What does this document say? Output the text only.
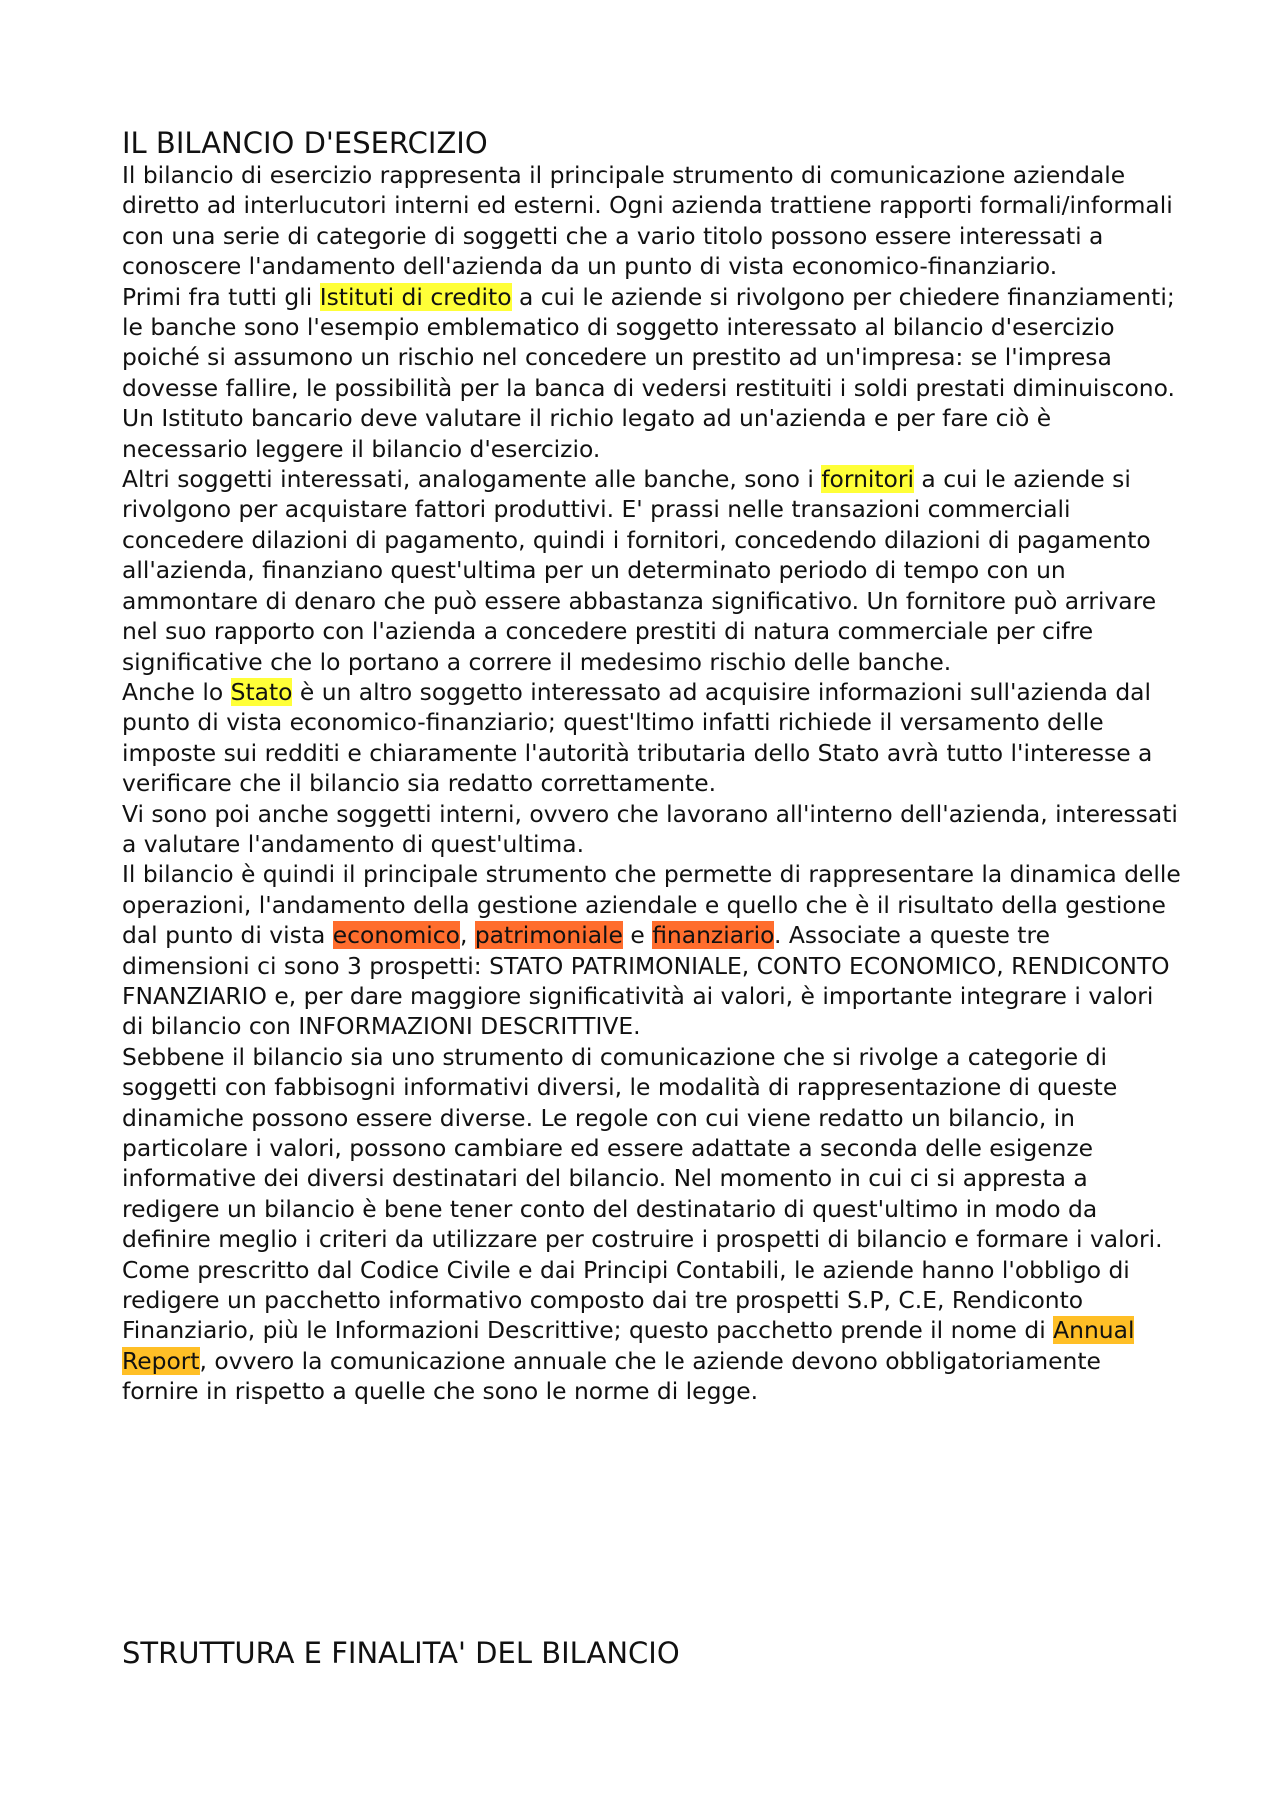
IL BILANCIO D'ESERCIZIO

Il bilancio di esercizio rappresenta il principale strumento di comunicazione aziendale diretto ad interlucutori interni ed esterni. Ogni azienda trattiene rapporti formali/informali con una serie di categorie di soggetti che a vario titolo possono essere interessati a conoscere l'andamento dell'azienda da un punto di vista economico-finanziario.

Primi fra tutti gli Istituti di credito a cui le aziende si rivolgono per chiedere finanziamenti; le banche sono l'esempio emblematico di soggetto interessato al bilancio d'esercizio poiché si assumono un rischio nel concedere un prestito ad un'impresa: se l'impresa dovesse fallire, le possibilità per la banca di vedersi restituiti i soldi prestati diminuiscono. Un Istituto bancario deve valutare il richio legato ad un'azienda e per fare ciò è necessario leggere il bilancio d'esercizio.

Altri soggetti interessati, analogamente alle banche, sono i fornitori a cui le aziende si rivolgono per acquistare fattori produttivi. E' prassi nelle transazioni commerciali concedere dilazioni di pagamento, quindi i fornitori, concedendo dilazioni di pagamento all'azienda, finanziano quest'ultima per un determinato periodo di tempo con un ammontare di denaro che può essere abbastanza significativo. Un fornitore può arrivare nel suo rapporto con l'azienda a concedere prestiti di natura commerciale per cifre significative che lo portano a correre il medesimo rischio delle banche.

Anche lo Stato è un altro soggetto interessato ad acquisire informazioni sull'azienda dal punto di vista economico-finanziario; quest'ltimo infatti richiede il versamento delle imposte sui redditi e chiaramente l'autorità tributaria dello Stato avrà tutto l'interesse a verificare che il bilancio sia redatto correttamente.

Vi sono poi anche soggetti interni, ovvero che lavorano all'interno dell'azienda, interessati a valutare l'andamento di quest'ultima.

Il bilancio è quindi il principale strumento che permette di rappresentare la dinamica delle operazioni, l'andamento della gestione aziendale e quello che è il risultato della gestione dal punto di vista economico, patrimoniale e finanziario. Associate a queste tre dimensioni ci sono 3 prospetti: STATO PATRIMONIALE, CONTO ECONOMICO, RENDICONTO FNANZIARIO e, per dare maggiore significatività ai valori, è importante integrare i valori di bilancio con INFORMAZIONI DESCRITTIVE.

Sebbene il bilancio sia uno strumento di comunicazione che si rivolge a categorie di soggetti con fabbisogni informativi diversi, le modalità di rappresentazione di queste dinamiche possono essere diverse. Le regole con cui viene redatto un bilancio, in particolare i valori, possono cambiare ed essere adattate a seconda delle esigenze informative dei diversi destinatari del bilancio. Nel momento in cui ci si appresta a redigere un bilancio è bene tener conto del destinatario di quest'ultimo in modo da definire meglio i criteri da utilizzare per costruire i prospetti di bilancio e formare i valori.

Come prescritto dal Codice Civile e dai Principi Contabili, le aziende hanno l'obbligo di redigere un pacchetto informativo composto dai tre prospetti S.P, C.E, Rendiconto Finanziario, più le Informazioni Descrittive; questo pacchetto prende il nome di Annual Report, ovvero la comunicazione annuale che le aziende devono obbligatoriamente fornire in rispetto a quelle che sono le norme di legge.

STRUTTURA E FINALITA' DEL BILANCIO
